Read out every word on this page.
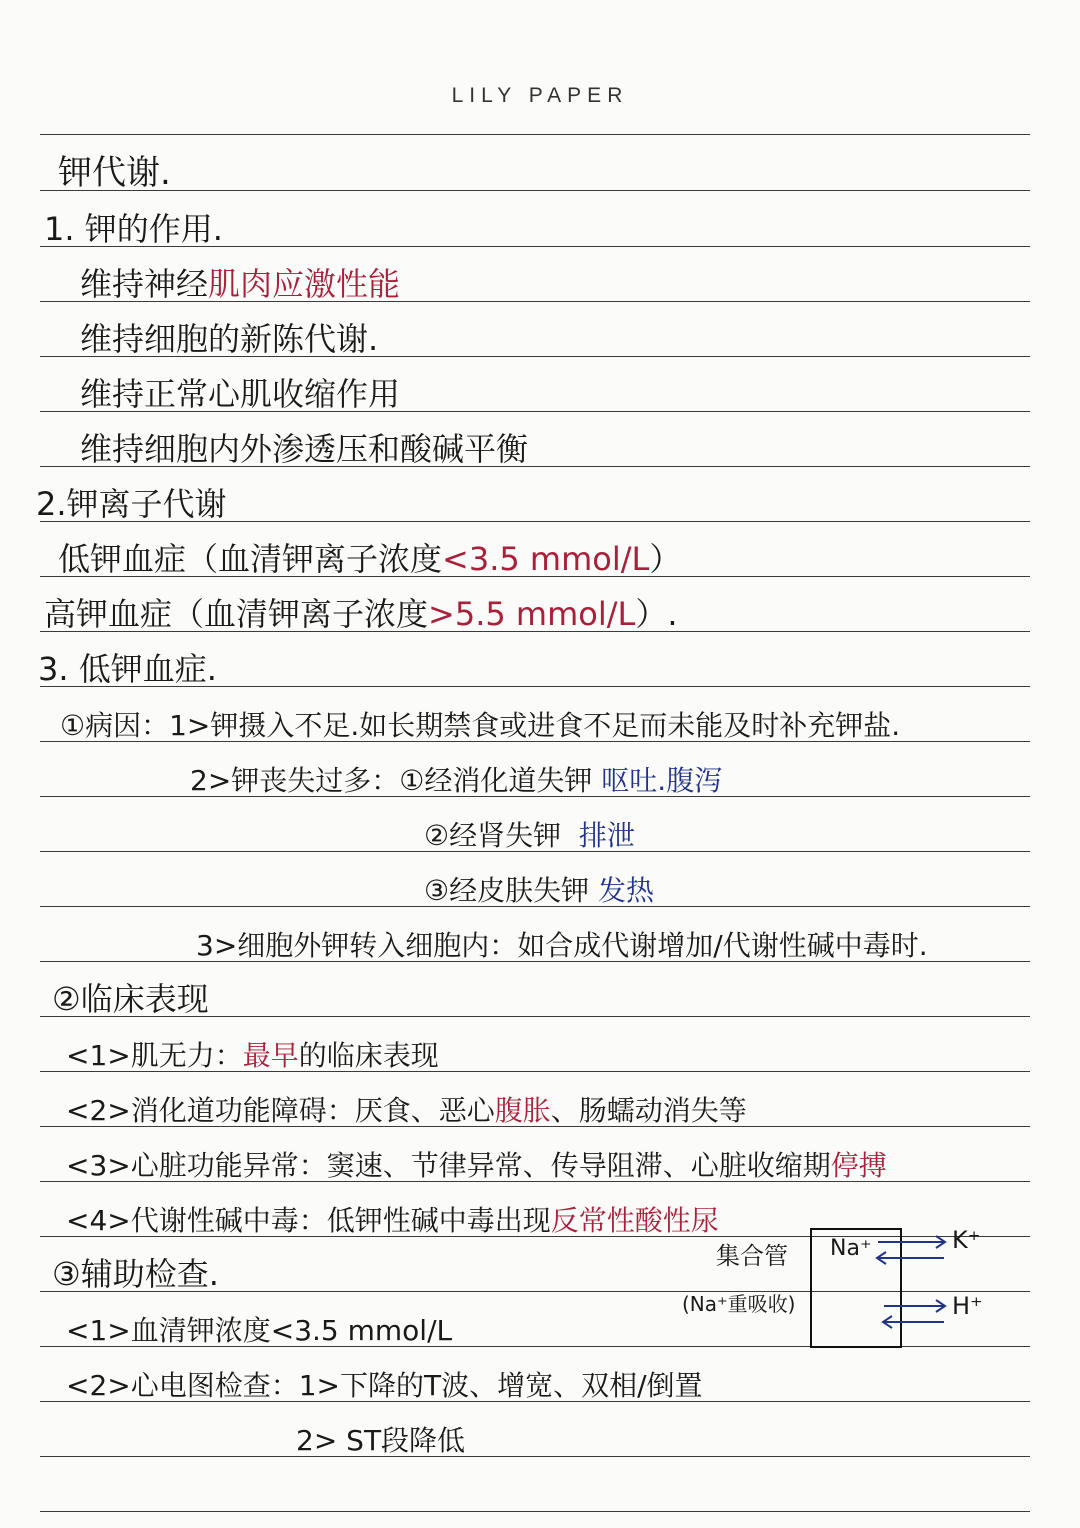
LILY PAPER
钾代谢.
1. 钾的作用.
维持神经肌肉应激性能
维持细胞的新陈代谢.
维持正常心肌收缩作用
维持细胞内外渗透压和酸碱平衡
2.钾离子代谢
低钾血症（血清钾离子浓度<3.5 mmol/L）
高钾血症（血清钾离子浓度>5.5 mmol/L）.
3. 低钾血症.
①病因：1>钾摄入不足.如长期禁食或进食不足而未能及时补充钾盐.
2>钾丧失过多：①经消化道失钾 呕吐.腹泻
②经肾失钾 排泄
③经皮肤失钾 发热
3>细胞外钾转入细胞内：如合成代谢增加/代谢性碱中毒时.
②临床表现
<1>肌无力：最早的临床表现
<2>消化道功能障碍：厌食、恶心腹胀、肠蠕动消失等
<3>心脏功能异常：窦速、节律异常、传导阻滞、心脏收缩期停搏
<4>代谢性碱中毒：低钾性碱中毒出现反常性酸性尿
③辅助检查.
<1>血清钾浓度<3.5 mmol/L
<2>心电图检查：1>下降的T波、增宽、双相/倒置
2> ST段降低
集合管
(Na⁺重吸收)
Na⁺	K⁺
H⁺
